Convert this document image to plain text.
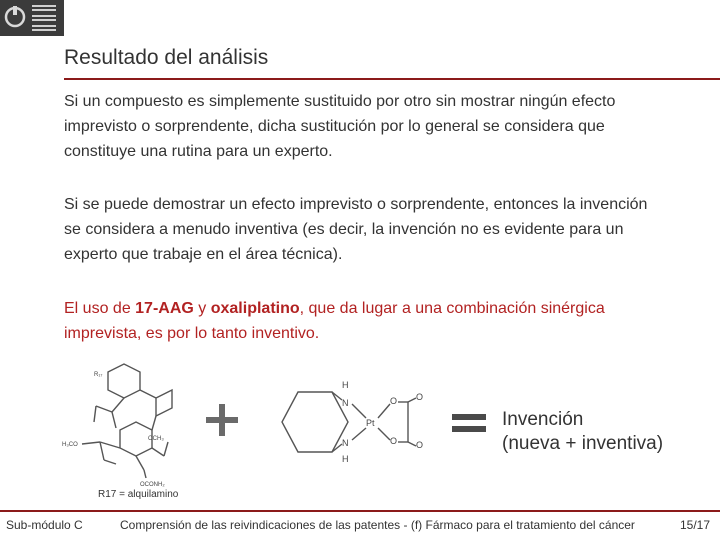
Resultado del análisis

Si un compuesto es simplemente sustituido por otro sin mostrar ningún efecto imprevisto o sorprendente, dicha sustitución por lo general se considera que constituye una rutina para un experto.

Si se puede demostrar un efecto imprevisto o sorprendente, entonces la invención se considera a menudo inventiva (es decir, la invención no es evidente para un experto que trabaje en el área técnica).

El uso de 17-AAG y oxaliplatino, que da lugar a una combinación sinérgica imprevista, es por lo tanto inventivo.

R₁₇
H₃CO
OCH₃
OCONH₂
H
N	O O
Pt
N
H
O O
R17 = alquilamino
Invención
(nueva + inventiva)
Sub-módulo C	Comprensión de las reivindicaciones de las patentes - (f) Fármaco para el tratamiento del cáncer	15/17
